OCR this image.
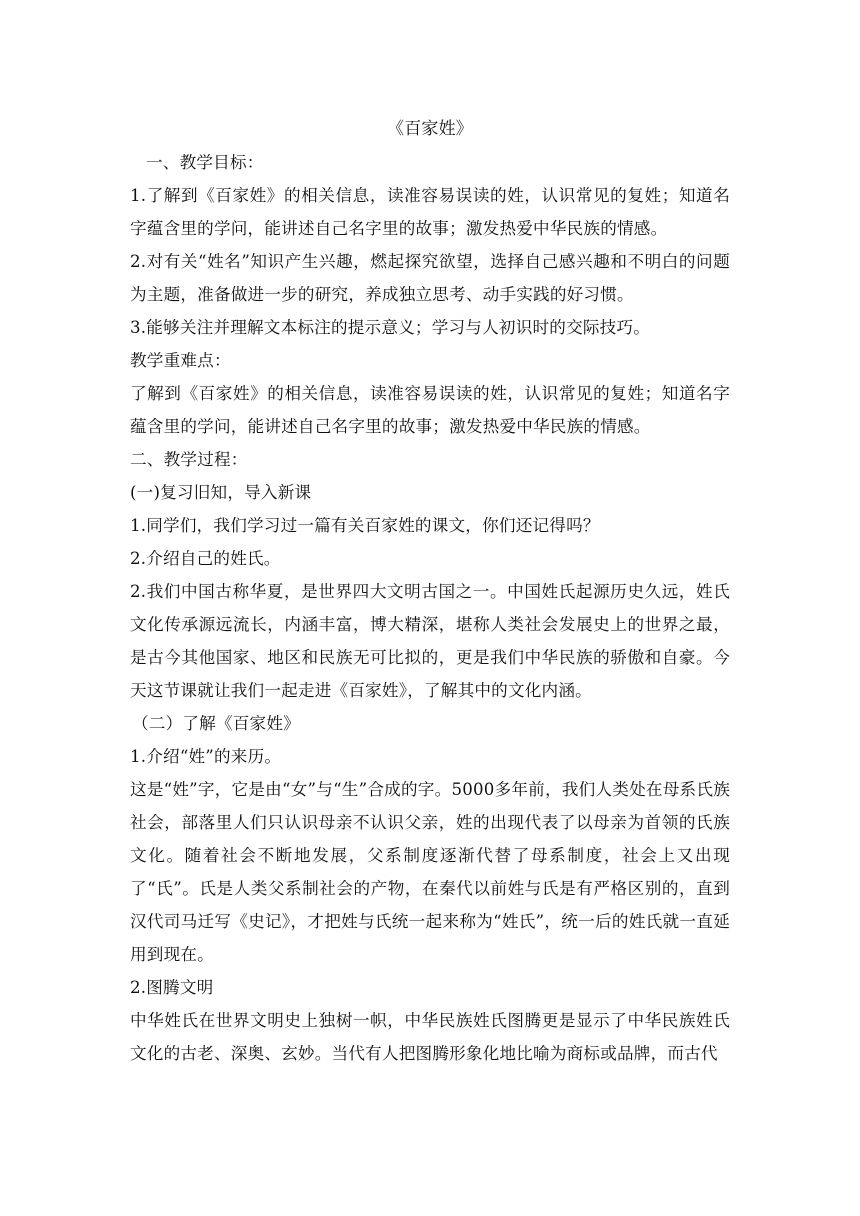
《百家姓》

一、教学目标：

1.了解到《百家姓》的相关信息，读准容易误读的姓，认识常见的复姓；知道名字蕴含里的学问，能讲述自己名字里的故事；激发热爱中华民族的情感。

2.对有关“姓名”知识产生兴趣，燃起探究欲望，选择自己感兴趣和不明白的问题为主题，准备做进一步的研究，养成独立思考、动手实践的好习惯。

3.能够关注并理解文本标注的提示意义；学习与人初识时的交际技巧。

教学重难点：

了解到《百家姓》的相关信息，读准容易误读的姓，认识常见的复姓；知道名字蕴含里的学问，能讲述自己名字里的故事；激发热爱中华民族的情感。

二、教学过程：

(一)复习旧知，导入新课

1.同学们，我们学习过一篇有关百家姓的课文，你们还记得吗？

2.介绍自己的姓氏。

2.我们中国古称华夏，是世界四大文明古国之一。中国姓氏起源历史久远，姓氏文化传承源远流长，内涵丰富，博大精深，堪称人类社会发展史上的世界之最，是古今其他国家、地区和民族无可比拟的，更是我们中华民族的骄傲和自豪。今天这节课就让我们一起走进《百家姓》，了解其中的文化内涵。

（二）了解《百家姓》

1.介绍“姓”的来历。

这是“姓”字，它是由“女”与“生”合成的字。5000多年前，我们人类处在母系氏族社会，部落里人们只认识母亲不认识父亲，姓的出现代表了以母亲为首领的氏族文化。随着社会不断地发展，父系制度逐渐代替了母系制度，社会上又出现了“氏”。氏是人类父系制社会的产物，在秦代以前姓与氏是有严格区别的，直到汉代司马迁写《史记》，才把姓与氏统一起来称为“姓氏”，统一后的姓氏就一直延用到现在。

2.图腾文明

中华姓氏在世界文明史上独树一帜，中华民族姓氏图腾更是显示了中华民族姓氏文化的古老、深奥、玄妙。当代有人把图腾形象化地比喻为商标或品牌，而古代
